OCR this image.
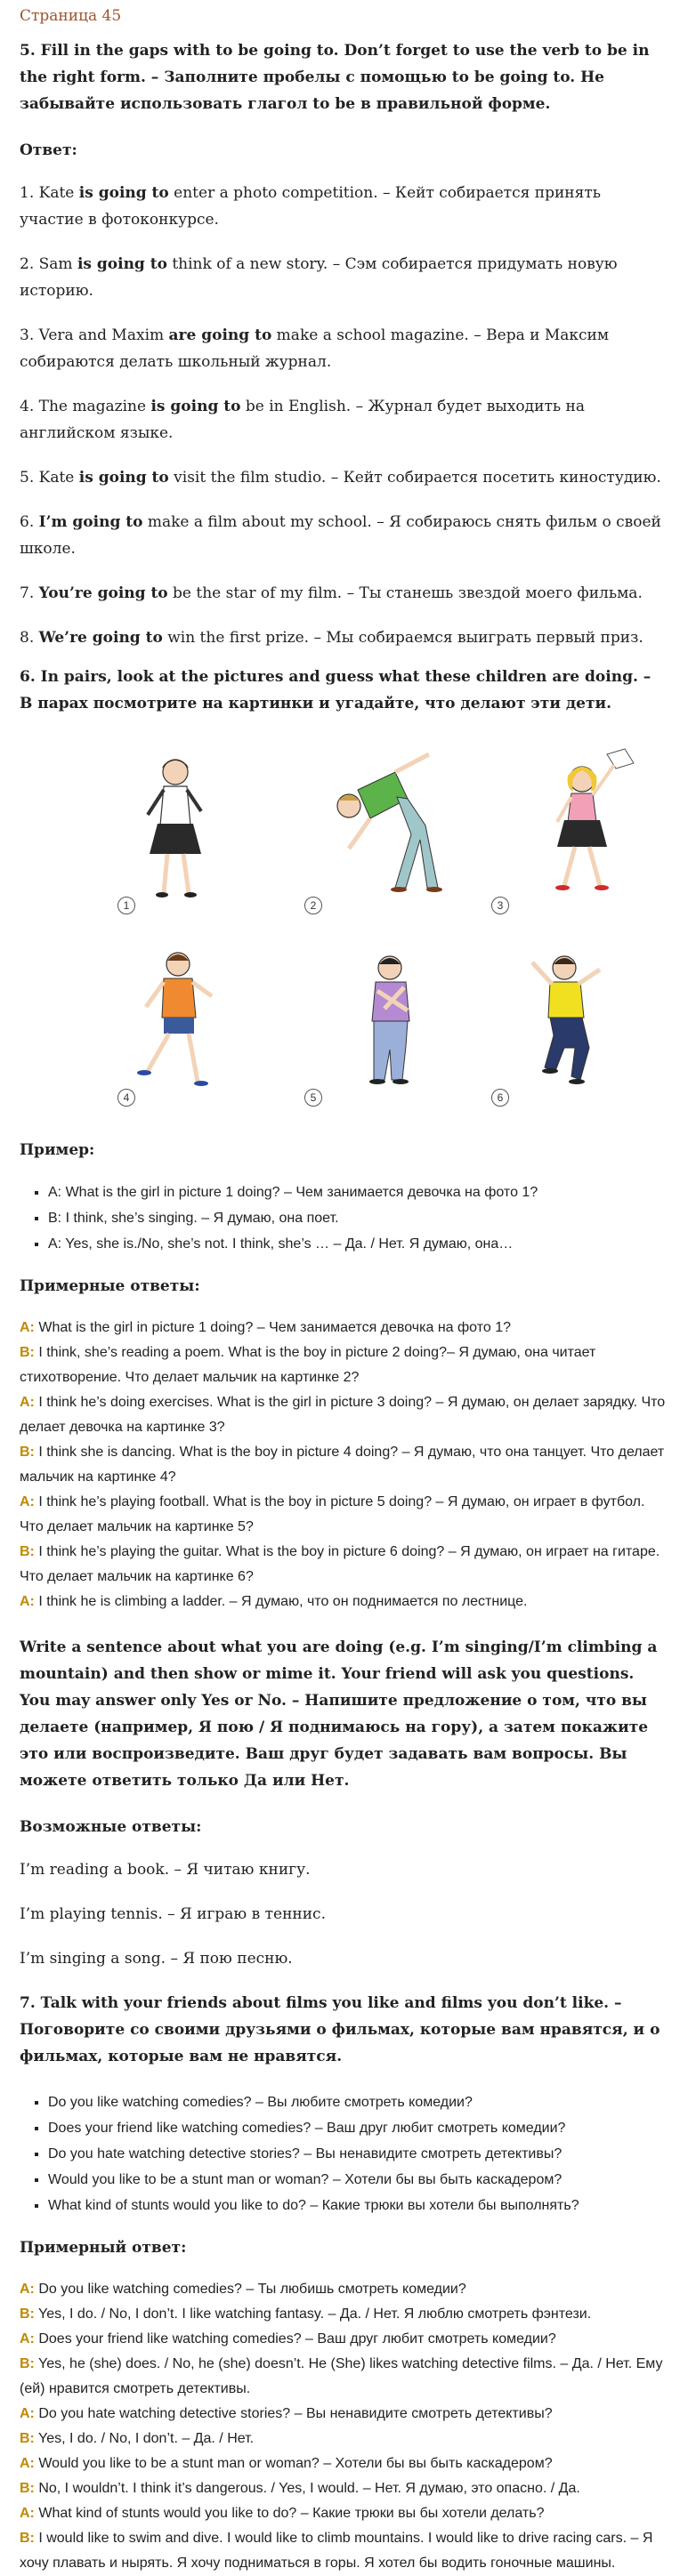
Страница 45

5. Fill in the gaps with to be going to. Don’t forget to use the verb to be in the right form. – Заполните пробелы с помощью to be going to. Не забывайте использовать глагол to be в правильной форме.

Ответ:

1. Kate is going to enter a photo competition. – Кейт собирается принять участие в фотоконкурсе.

2. Sam is going to think of a new story. – Сэм собирается придумать новую историю.

3. Vera and Maxim are going to make a school magazine. – Вера и Максим собираются делать школьный журнал.

4. The magazine is going to be in English. – Журнал будет выходить на английском языке.

5. Kate is going to visit the film studio. – Кейт собирается посетить киностудию.

6. I’m going to make a film about my school. – Я собираюсь снять фильм о своей школе.

7. You’re going to be the star of my film. – Ты станешь звездой моего фильма.

8. We’re going to win the first prize. – Мы собираемся выиграть первый приз.

6. In pairs, look at the pictures and guess what these children are doing. – В парах посмотрите на картинки и угадайте, что делают эти дети.

1	2	3
4	5	6

Пример:

▪ A: What is the girl in picture 1 doing? – Чем занимается девочка на фото 1?
▪ B: I think, she’s singing. – Я думаю, она поет.
▪ A: Yes, she is./No, she’s not. I think, she’s … – Да. / Нет. Я думаю, она…

Примерные ответы:

A: What is the girl in picture 1 doing? – Чем занимается девочка на фото 1?
B: I think, she’s reading a poem. What is the boy in picture 2 doing?– Я думаю, она читает стихотворение. Что делает мальчик на картинке 2?
A: I think he’s doing exercises. What is the girl in picture 3 doing? – Я думаю, он делает зарядку. Что делает девочка на картинке 3?
B: I think she is dancing. What is the boy in picture 4 doing? – Я думаю, что она танцует. Что делает мальчик на картинке 4?
A: I think he’s playing football. What is the boy in picture 5 doing? – Я думаю, он играет в футбол. Что делает мальчик на картинке 5?
B: I think he’s playing the guitar. What is the boy in picture 6 doing? – Я думаю, он играет на гитаре. Что делает мальчик на картинке 6?
A: I think he is climbing a ladder. – Я думаю, что он поднимается по лестнице.

Write a sentence about what you are doing (e.g. I’m singing/I’m climbing a mountain) and then show or mime it. Your friend will ask you questions. You may answer only Yes or No. – Напишите предложение о том, что вы делаете (например, Я пою / Я поднимаюсь на гору), а затем покажите это или воспроизведите. Ваш друг будет задавать вам вопросы. Вы можете ответить только Да или Нет.

Возможные ответы:

I’m reading a book. – Я читаю книгу.

I’m playing tennis. – Я играю в теннис.

I’m singing a song. – Я пою песню.

7. Talk with your friends about films you like and films you don’t like. – Поговорите со своими друзьями о фильмах, которые вам нравятся, и о фильмах, которые вам не нравятся.

▪ Do you like watching comedies? – Вы любите смотреть комедии?
▪ Does your friend like watching comedies? – Ваш друг любит смотреть комедии?
▪ Do you hate watching detective stories? – Вы ненавидите смотреть детективы?
▪ Would you like to be a stunt man or woman? – Хотели бы вы быть каскадером?
▪ What kind of stunts would you like to do? – Какие трюки вы хотели бы выполнять?

Примерный ответ:

A: Do you like watching comedies? – Ты любишь смотреть комедии?
B: Yes, I do. / No, I don’t. I like watching fantasy. – Да. / Нет. Я люблю смотреть фэнтези.
A: Does your friend like watching comedies? – Ваш друг любит смотреть комедии?
B: Yes, he (she) does. / No, he (she) doesn’t. He (She) likes watching detective films. – Да. / Нет. Ему (ей) нравится смотреть детективы.
A: Do you hate watching detective stories? – Вы ненавидите смотреть детективы?
B: Yes, I do. / No, I don’t. – Да. / Нет.
A: Would you like to be a stunt man or woman? – Хотели бы вы быть каскадером?
B: No, I wouldn’t. I think it’s dangerous. / Yes, I would. – Нет. Я думаю, это опасно. / Да.
A: What kind of stunts would you like to do? – Какие трюки вы бы хотели делать?
B: I would like to swim and dive. I would like to climb mountains. I would like to drive racing cars. – Я хочу плавать и нырять. Я хочу подниматься в горы. Я хотел бы водить гоночные машины.
